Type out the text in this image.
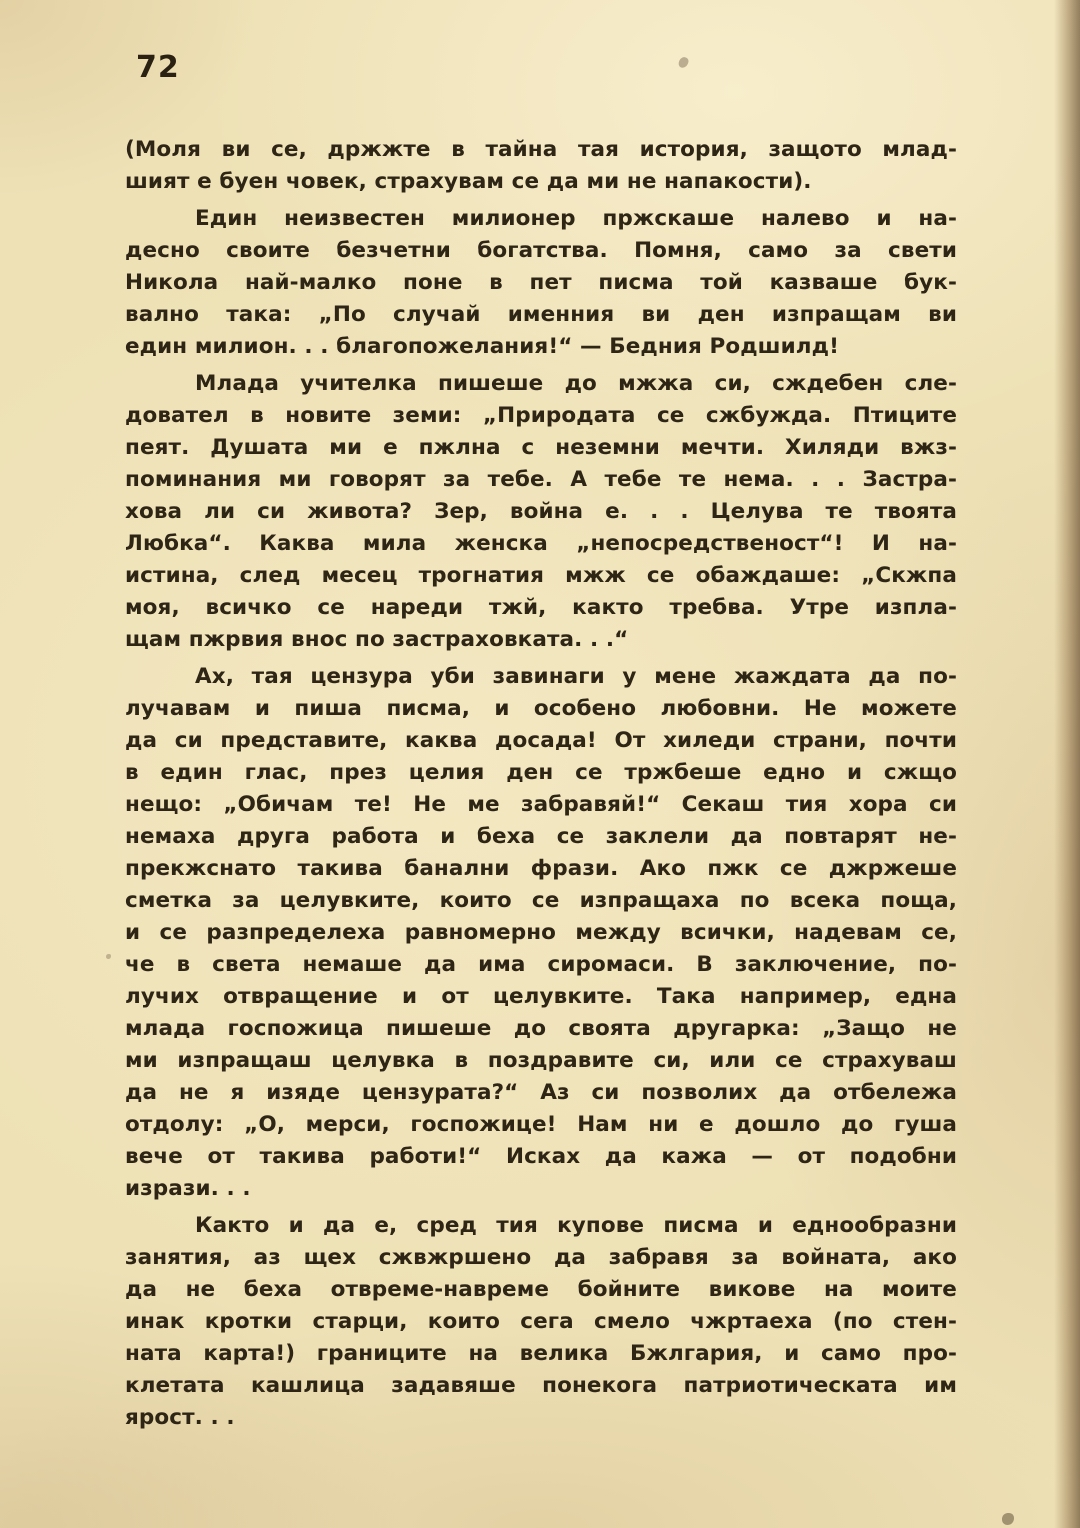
72
(Моля ви се, држжте в тайна тая история, защото млад-
шият е буен човек, страхувам се да ми не напакости).
Един неизвестен милионер пржскаше налево и на-
десно своите безчетни богатства. Помня, само за свети
Никола най-малко поне в пет писма той казваше бук-
вално така: „По случай именния ви ден изпращам ви
един милион. . . благопожелания!“ — Бедния Родшилд!
Млада учителка пишеше до мжжа си, сждебен сле-
довател в новите земи: „Природата се сжбужда. Птиците
пеят. Душата ми е пжлна с неземни мечти. Хиляди вжз-
поминания ми говорят за тебе. А тебе те нема. . . Застра-
хова ли си живота? Зер, война е. . . Целува те твоята
Любка“. Каква мила женска „непосредственост“! И на-
истина, след месец трогнатия мжж се обаждаше: „Скжпа
моя, всичко се нареди тжй, както требва. Утре изпла-
щам пжрвия внос по застраховката. . .“
Ах, тая цензура уби завинаги у мене жаждата да по-
лучавам и пиша писма, и особено любовни. Не можете
да си представите, каква досада! От хиледи страни, почти
в един глас, през целия ден се тржбеше едно и сжщо
нещо: „Обичам те! Не ме забравяй!“ Секаш тия хора си
немаха друга работа и беха се заклели да повтарят не-
прекжснато такива банални фрази. Ако пжк се джржеше
сметка за целувките, които се изпращаха по всека поща,
и се разпределеха равномерно между всички, надевам се,
че в света немаше да има сиромаси. В заключение, по-
лучих отвращение и от целувките. Така например, една
млада госпожица пишеше до своята другарка: „Защо не
ми изпращаш целувка в поздравите си, или се страхуваш
да не я изяде цензурата?“ Аз си позволих да отбележа
отдолу: „О, мерси, госпожице! Нам ни е дошло до гуша
вече от такива работи!“ Исках да кажа — от подобни
изрази. . .
Както и да е, сред тия купове писма и еднообразни
занятия, аз щех сжвжршено да забравя за войната, ако
да не беха отвреме-навреме бойните викове на моите
инак кротки старци, които сега смело чжртаеха (по стен-
ната карта!) границите на велика Бжлгария, и само про-
клетата кашлица задавяше понекога патриотическата им
ярост. . .
